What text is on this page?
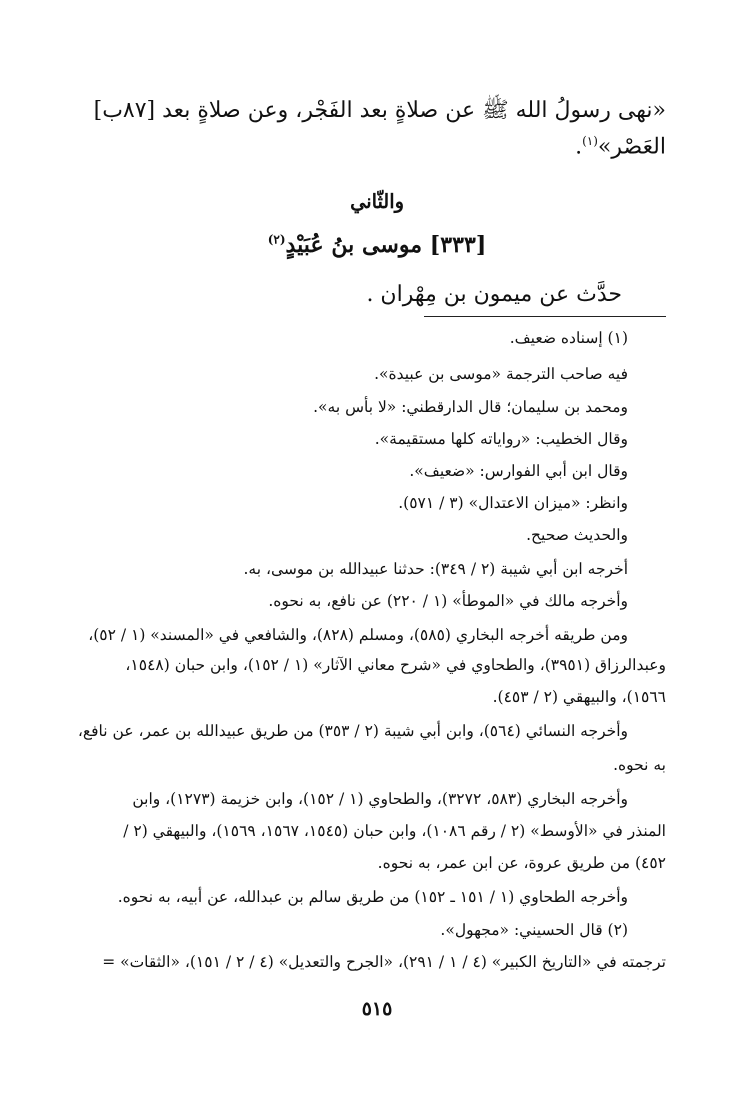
«نهى رسولُ الله ﷺ عن صلاةٍ بعد الفَجْر، وعن صلاةٍ بعد [٨٧ب]
العَصْر»$^{(١)}$.
والثّاني
[٣٣٣] موسى بنُ عُبَيْدٍ$^{(٢)}$
حدَّث عن ميمون بن مِهْران .
(١) إسناده ضعيف.
فيه صاحب الترجمة «موسى بن عبيدة».
ومحمد بن سليمان؛ قال الدارقطني: «لا بأس به».
وقال الخطيب: «رواياته كلها مستقيمة».
وقال ابن أبي الفوارس: «ضعيف».
وانظر: «ميزان الاعتدال» (٣ / ٥٧١).
والحديث صحيح.
أخرجه ابن أبي شيبة (٢ / ٣٤٩): حدثنا عبيدالله بن موسى، به.
وأخرجه مالك في «الموطأ» (١ / ٢٢٠) عن نافع، به نحوه.
ومن طريقه أخرجه البخاري (٥٨٥)، ومسلم (٨٢٨)، والشافعي في «المسند» (١ / ٥٢)،
وعبدالرزاق (٣٩٥١)، والطحاوي في «شرح معاني الآثار» (١ / ١٥٢)، وابن حبان (١٥٤٨،
١٥٦٦)، والبيهقي (٢ / ٤٥٣).
وأخرجه النسائي (٥٦٤)، وابن أبي شيبة (٢ / ٣٥٣) من طريق عبيدالله بن عمر، عن نافع،
به نحوه.
وأخرجه البخاري (٥٨٣، ٣٢٧٢)، والطحاوي (١ / ١٥٢)، وابن خزيمة (١٢٧٣)، وابن
المنذر في «الأوسط» (٢ / رقم ١٠٨٦)، وابن حبان (١٥٤٥، ١٥٦٧، ١٥٦٩)، والبيهقي (٢ /
٤٥٢) من طريق عروة، عن ابن عمر، به نحوه.
وأخرجه الطحاوي (١ / ١٥١ ـ ١٥٢) من طريق سالم بن عبدالله، عن أبيه، به نحوه.
(٢) قال الحسيني: «مجهول».
ترجمته في «التاريخ الكبير» (٤ / ١ / ٢٩١)، «الجرح والتعديل» (٤ / ٢ / ١٥١)، «الثقات» =
٥١٥
